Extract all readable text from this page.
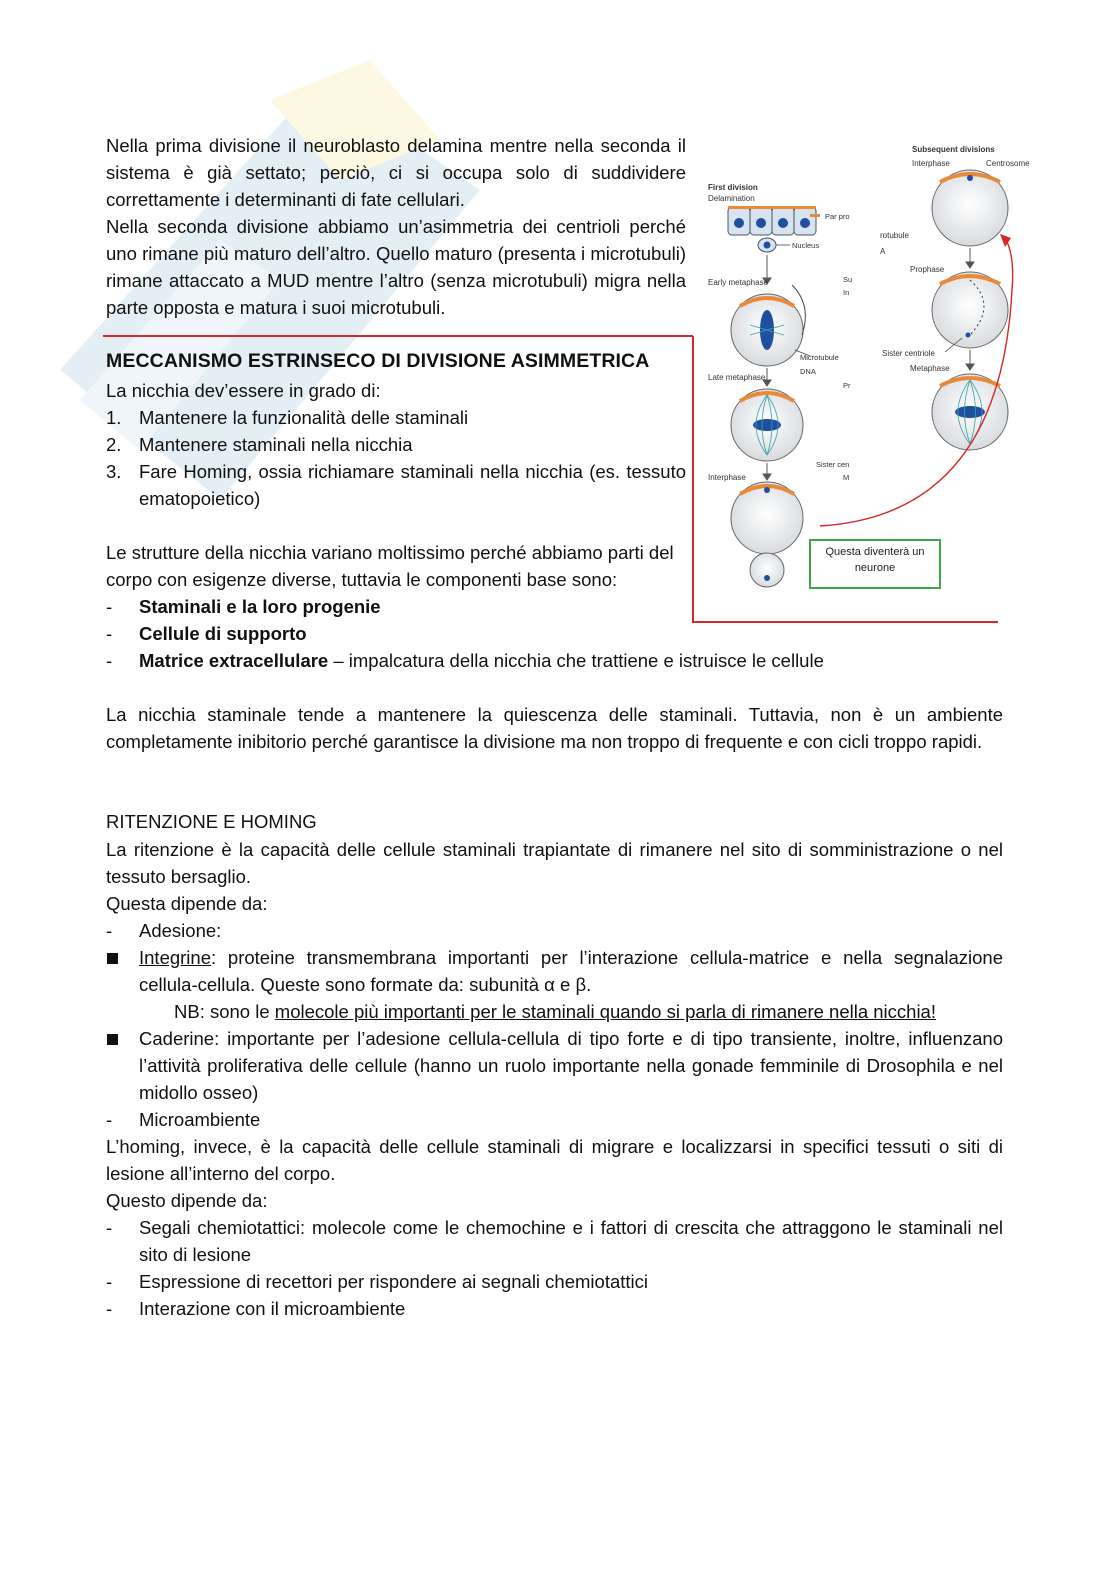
Nella prima divisione il neuroblasto delamina mentre nella seconda il sistema è già settato; perciò, ci si occupa solo di suddividere correttamente i determinanti di fate cellulari.
Nella seconda divisione abbiamo un’asimmetria dei centrioli perché uno rimane più maturo dell’altro. Quello maturo (presenta i microtubuli) rimane attaccato a MUD mentre l’altro (senza microtubuli) migra nella parte opposta e matura i suoi microtubuli.
MECCANISMO ESTRINSECO DI DIVISIONE ASIMMETRICA
La nicchia dev’essere in grado di:
1. Mantenere la funzionalità delle staminali
2. Mantenere staminali nella nicchia
3. Fare Homing, ossia richiamare staminali nella nicchia (es. tessuto ematopoietico)
Le strutture della nicchia variano moltissimo perché abbiamo parti del corpo con esigenze diverse, tuttavia le componenti base sono:
- Staminali e la loro progenie
- Cellule di supporto
- Matrice extracellulare – impalcatura della nicchia che trattiene e istruisce le cellule
La nicchia staminale tende a mantenere la quiescenza delle staminali. Tuttavia, non è un ambiente completamente inibitorio perché garantisce la divisione ma non troppo di frequente e con cicli troppo rapidi.
RITENZIONE E HOMING
La ritenzione è la capacità delle cellule staminali trapiantate di rimanere nel sito di somministrazione o nel tessuto bersaglio.
Questa dipende da:
- Adesione:
Integrine: proteine transmembrana importanti per l’interazione cellula-matrice e nella segnalazione cellula-cellula. Queste sono formate da: subunità α e β.
NB: sono le molecole più importanti per le staminali quando si parla di rimanere nella nicchia!
Caderine: importante per l’adesione cellula-cellula di tipo forte e di tipo transiente, inoltre, influenzano l’attività proliferativa delle cellule (hanno un ruolo importante nella gonade femminile di Drosophila e nel midollo osseo)
- Microambiente
L’homing, invece, è la capacità delle cellule staminali di migrare e localizzarsi in specifici tessuti o siti di lesione all’interno del corpo.
Questo dipende da:
- Segali chemiotattici: molecole come le chemochine e i fattori di crescita che attraggono le staminali nel sito di lesione
- Espressione di recettori per rispondere ai segnali chemiotattici
- Interazione con il microambiente
First division
Delamination
Par pro
Nucleus
Early metaphase
Microtubule
DNA
Late metaphase
Interphase
Su
In
Pr
Sister cen
M
Subsequent divisions
Interphase	Centrosome
rotubule
A
Prophase
Sister centriole
Metaphase
Questa diventerà un neurone
